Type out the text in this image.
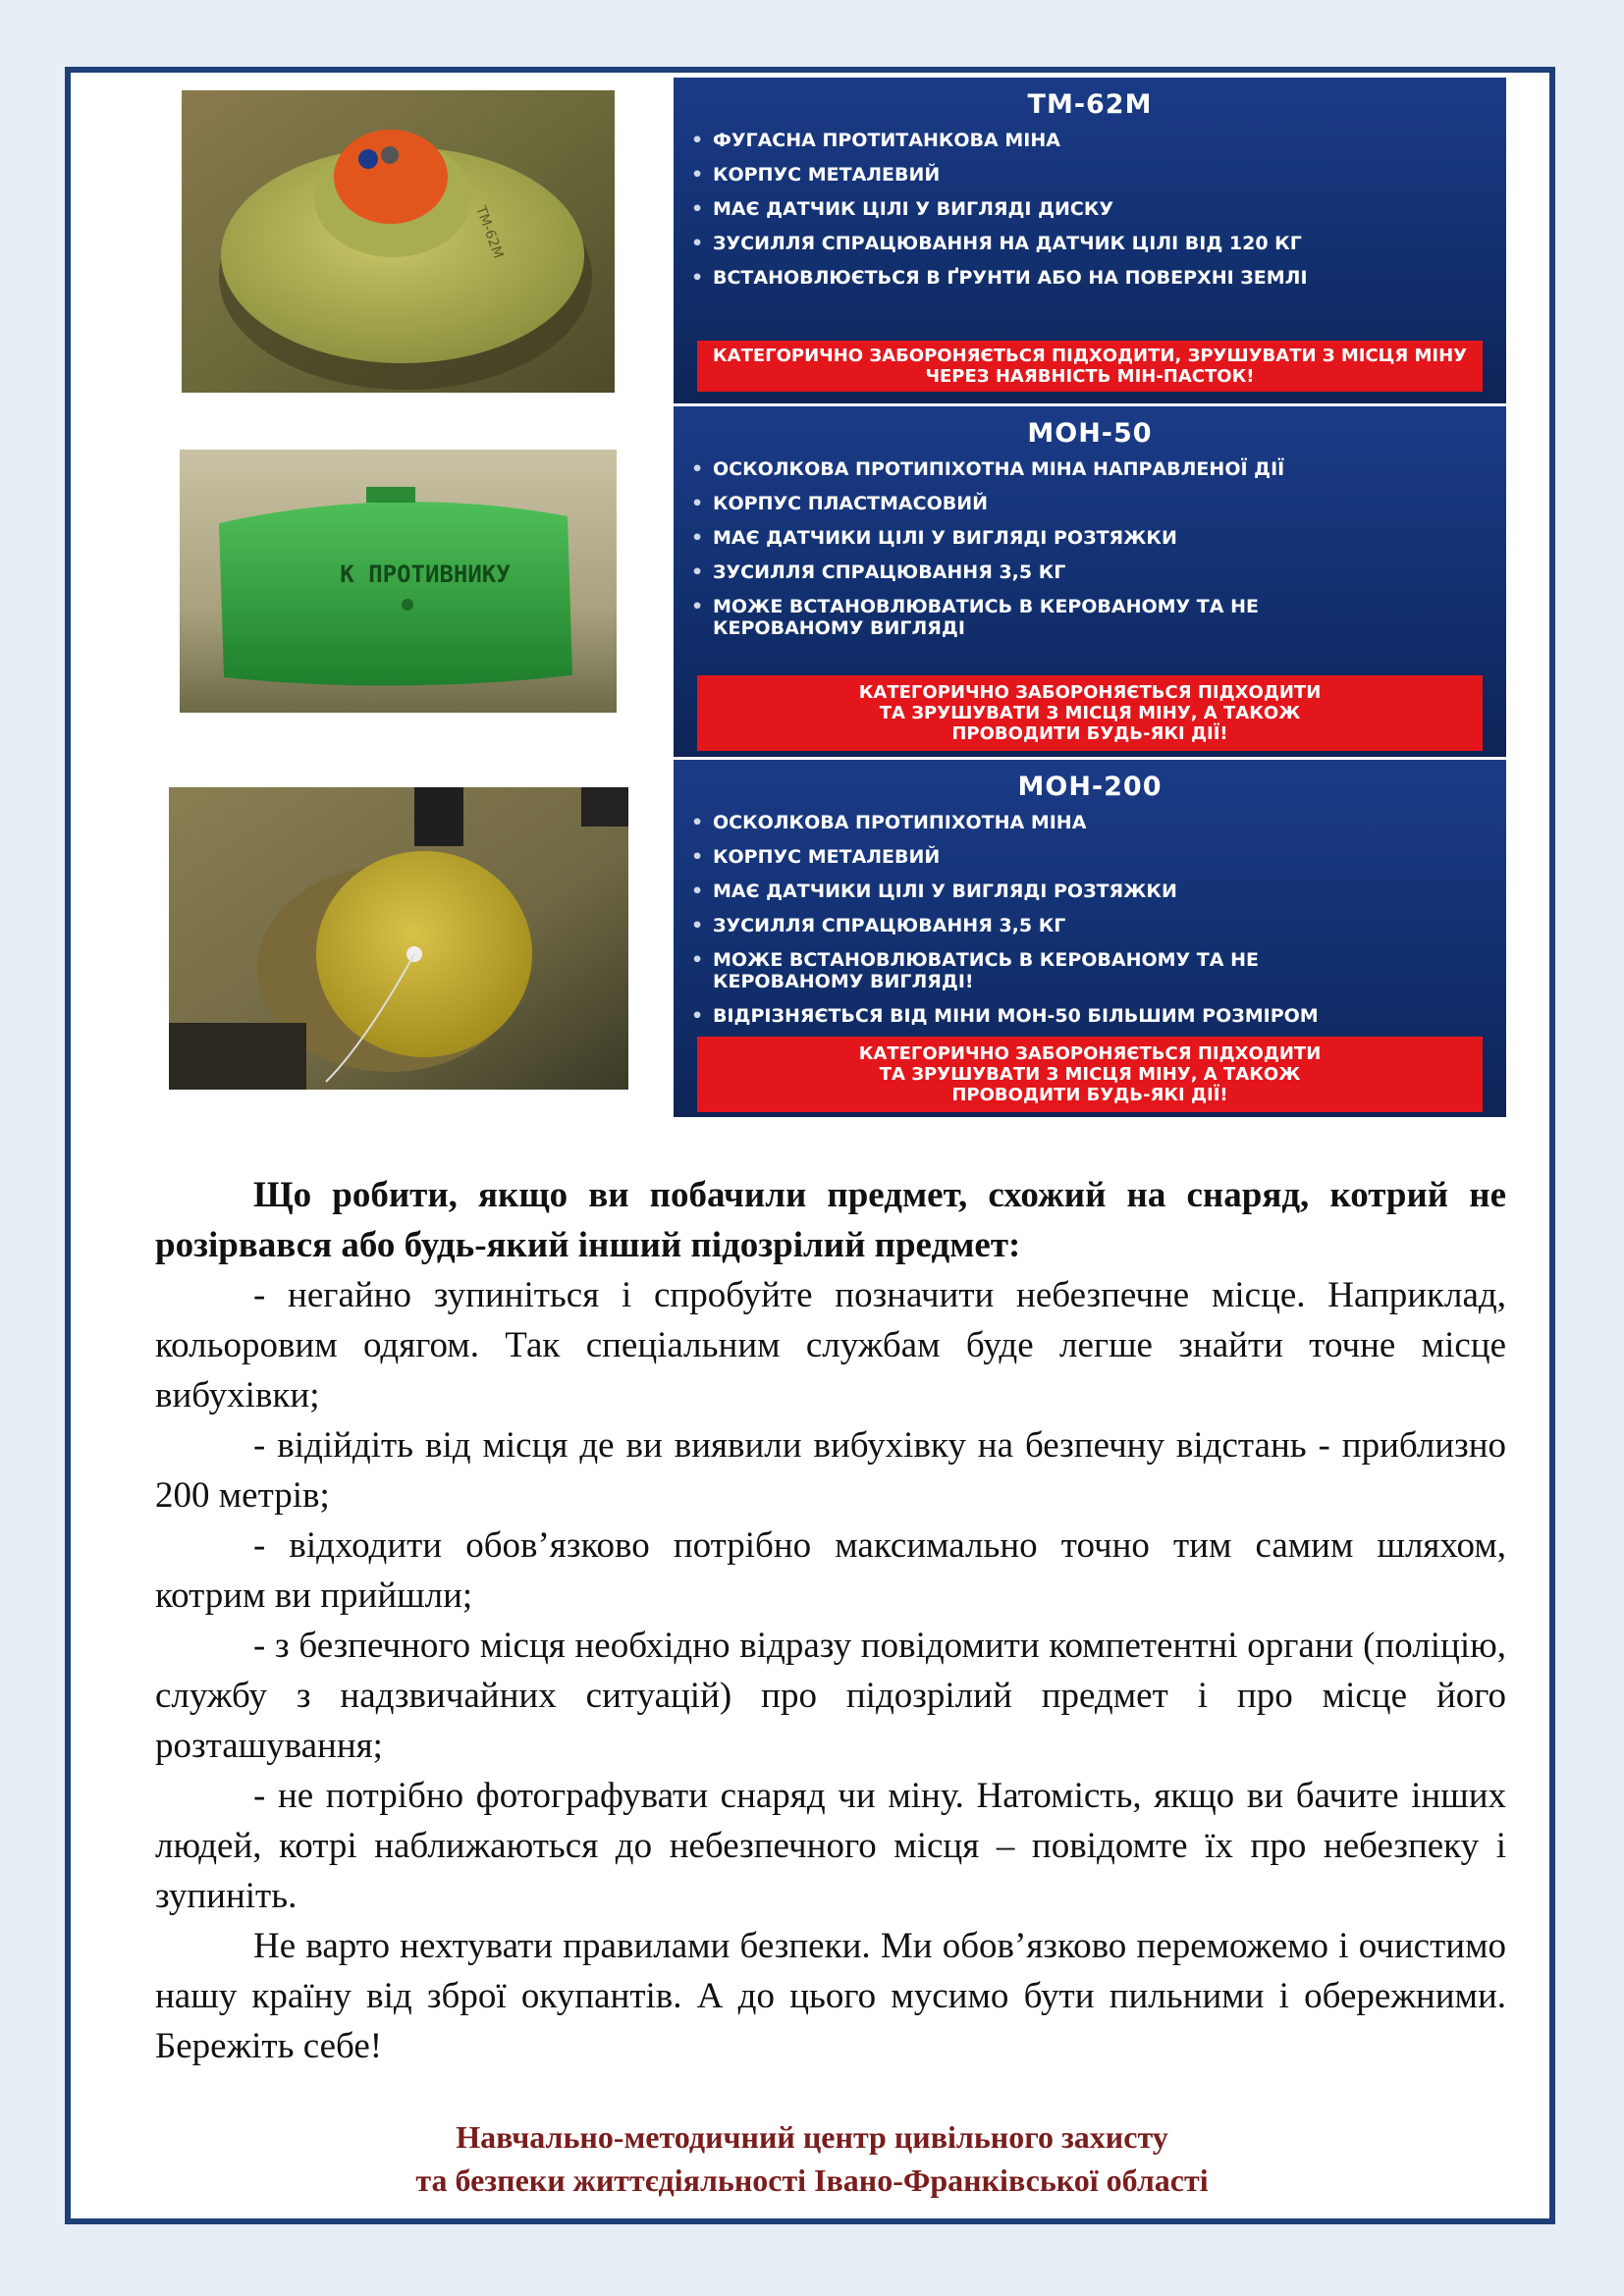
ТМ-62М
К ПРОТИВНИКУ
ТМ-62М
• ФУГАСНА ПРОТИТАНКОВА МІНА
• КОРПУС МЕТАЛЕВИЙ
• МАЄ ДАТЧИК ЦІЛІ У ВИГЛЯДІ ДИСКУ
• ЗУСИЛЛЯ СПРАЦЮВАННЯ НА ДАТЧИК ЦІЛІ ВІД 120 КГ
• ВСТАНОВЛЮЄТЬСЯ В ҐРУНТИ АБО НА ПОВЕРХНІ ЗЕМЛІ
КАТЕГОРИЧНО ЗАБОРОНЯЄТЬСЯ ПІДХОДИТИ, ЗРУШУВАТИ З МІСЦЯ МІНУ ЧЕРЕЗ НАЯВНІСТЬ МІН-ПАСТОК!
МОН-50
• ОСКОЛКОВА ПРОТИПІХОТНА МІНА НАПРАВЛЕНОЇ ДІЇ
• КОРПУС ПЛАСТМАСОВИЙ
• МАЄ ДАТЧИКИ ЦІЛІ У ВИГЛЯДІ РОЗТЯЖКИ
• ЗУСИЛЛЯ СПРАЦЮВАННЯ 3,5 КГ
• МОЖЕ ВСТАНОВЛЮВАТИСЬ В КЕРОВАНОМУ ТА НЕ КЕРОВАНОМУ ВИГЛЯДІ
КАТЕГОРИЧНО ЗАБОРОНЯЄТЬСЯ ПІДХОДИТИ ТА ЗРУШУВАТИ З МІСЦЯ МІНУ, А ТАКОЖ ПРОВОДИТИ БУДЬ-ЯКІ ДІЇ!
МОН-200
• ОСКОЛКОВА ПРОТИПІХОТНА МІНА
• КОРПУС МЕТАЛЕВИЙ
• МАЄ ДАТЧИКИ ЦІЛІ У ВИГЛЯДІ РОЗТЯЖКИ
• ЗУСИЛЛЯ СПРАЦЮВАННЯ 3,5 КГ
• МОЖЕ ВСТАНОВЛЮВАТИСЬ В КЕРОВАНОМУ ТА НЕ КЕРОВАНОМУ ВИГЛЯДІ!
• ВІДРІЗНЯЄТЬСЯ ВІД МІНИ МОН-50 БІЛЬШИМ РОЗМІРОМ
КАТЕГОРИЧНО ЗАБОРОНЯЄТЬСЯ ПІДХОДИТИ ТА ЗРУШУВАТИ З МІСЦЯ МІНУ, А ТАКОЖ ПРОВОДИТИ БУДЬ-ЯКІ ДІЇ!

Що робити, якщо ви побачили предмет, схожий на снаряд, котрий не розірвався або будь-який інший підозрілий предмет:

- негайно зупиніться і спробуйте позначити небезпечне місце. Наприклад, кольоровим одягом. Так спеціальним службам буде легше знайти точне місце вибухівки;

- відійдіть від місця де ви виявили вибухівку на безпечну відстань - приблизно 200 метрів;

- відходити обов’язково потрібно максимально точно тим самим шляхом, котрим ви прийшли;

- з безпечного місця необхідно відразу повідомити компетентні органи (поліцію, службу з надзвичайних ситуацій) про підозрілий предмет і про місце його розташування;

- не потрібно фотографувати снаряд чи міну. Натомість, якщо ви бачите інших людей, котрі наближаються до небезпечного місця – повідомте їх про небезпеку і зупиніть.

Не варто нехтувати правилами безпеки. Ми обов’язково переможемо і очистимо нашу країну від зброї окупантів. А до цього мусимо бути пильними і обережними. Бережіть себе!

Навчально-методичний центр цивільного захисту
та безпеки життєдіяльності Івано-Франківської області
